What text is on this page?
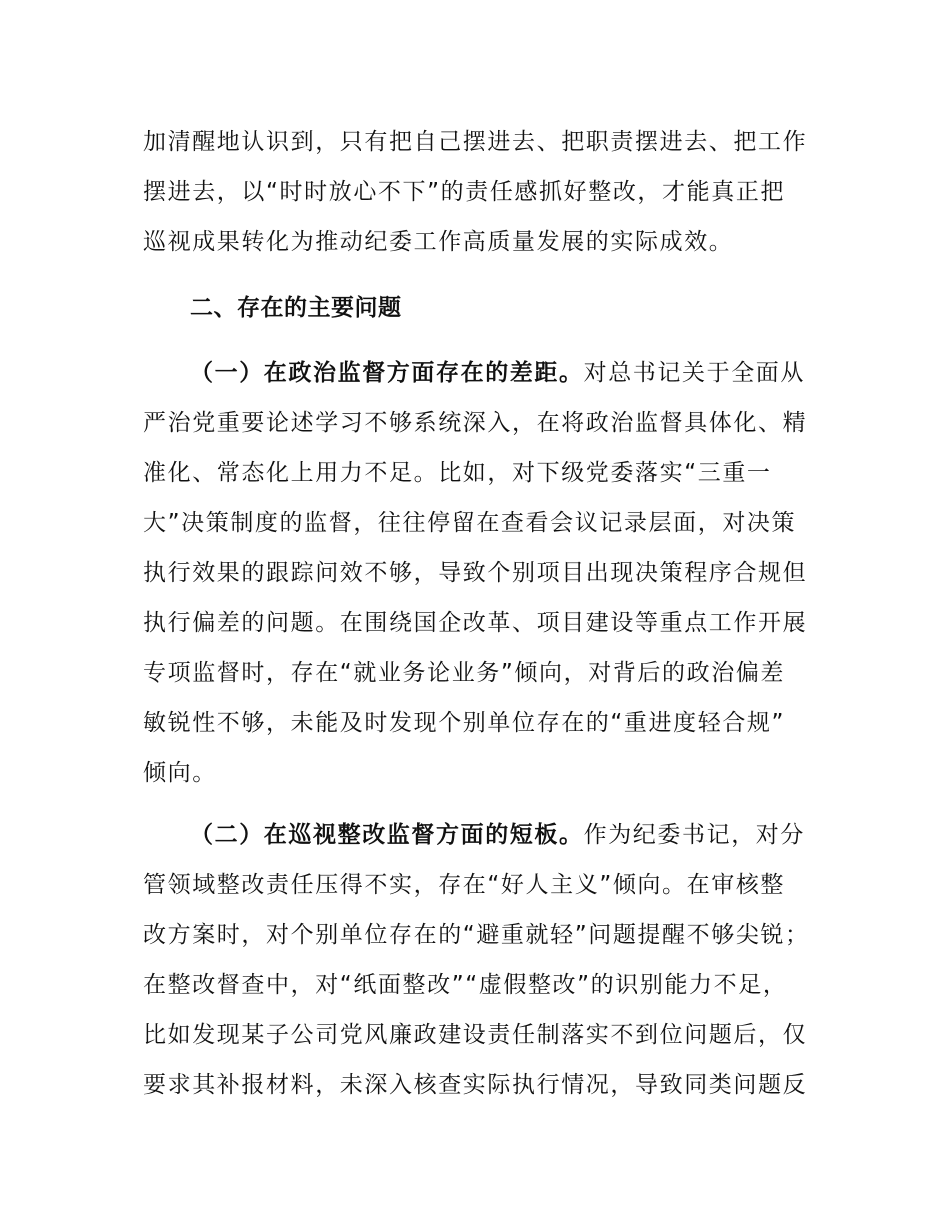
加清醒地认识到，只有把自己摆进去、把职责摆进去、把工作
摆进去，以“时时放心不下”的责任感抓好整改，才能真正把
巡视成果转化为推动纪委工作高质量发展的实际成效。
二、存在的主要问题
（一）在政治监督方面存在的差距。对总书记关于全面从
严治党重要论述学习不够系统深入，在将政治监督具体化、精
准化、常态化上用力不足。比如，对下级党委落实“三重一
大”决策制度的监督，往往停留在查看会议记录层面，对决策
执行效果的跟踪问效不够，导致个别项目出现决策程序合规但
执行偏差的问题。在围绕国企改革、项目建设等重点工作开展
专项监督时，存在“就业务论业务”倾向，对背后的政治偏差
敏锐性不够，未能及时发现个别单位存在的“重进度轻合规”
倾向。
（二）在巡视整改监督方面的短板。作为纪委书记，对分
管领域整改责任压得不实，存在“好人主义”倾向。在审核整
改方案时，对个别单位存在的“避重就轻”问题提醒不够尖锐；
在整改督查中，对“纸面整改”“虚假整改”的识别能力不足，
比如发现某子公司党风廉政建设责任制落实不到位问题后，仅
要求其补报材料，未深入核查实际执行情况，导致同类问题反
